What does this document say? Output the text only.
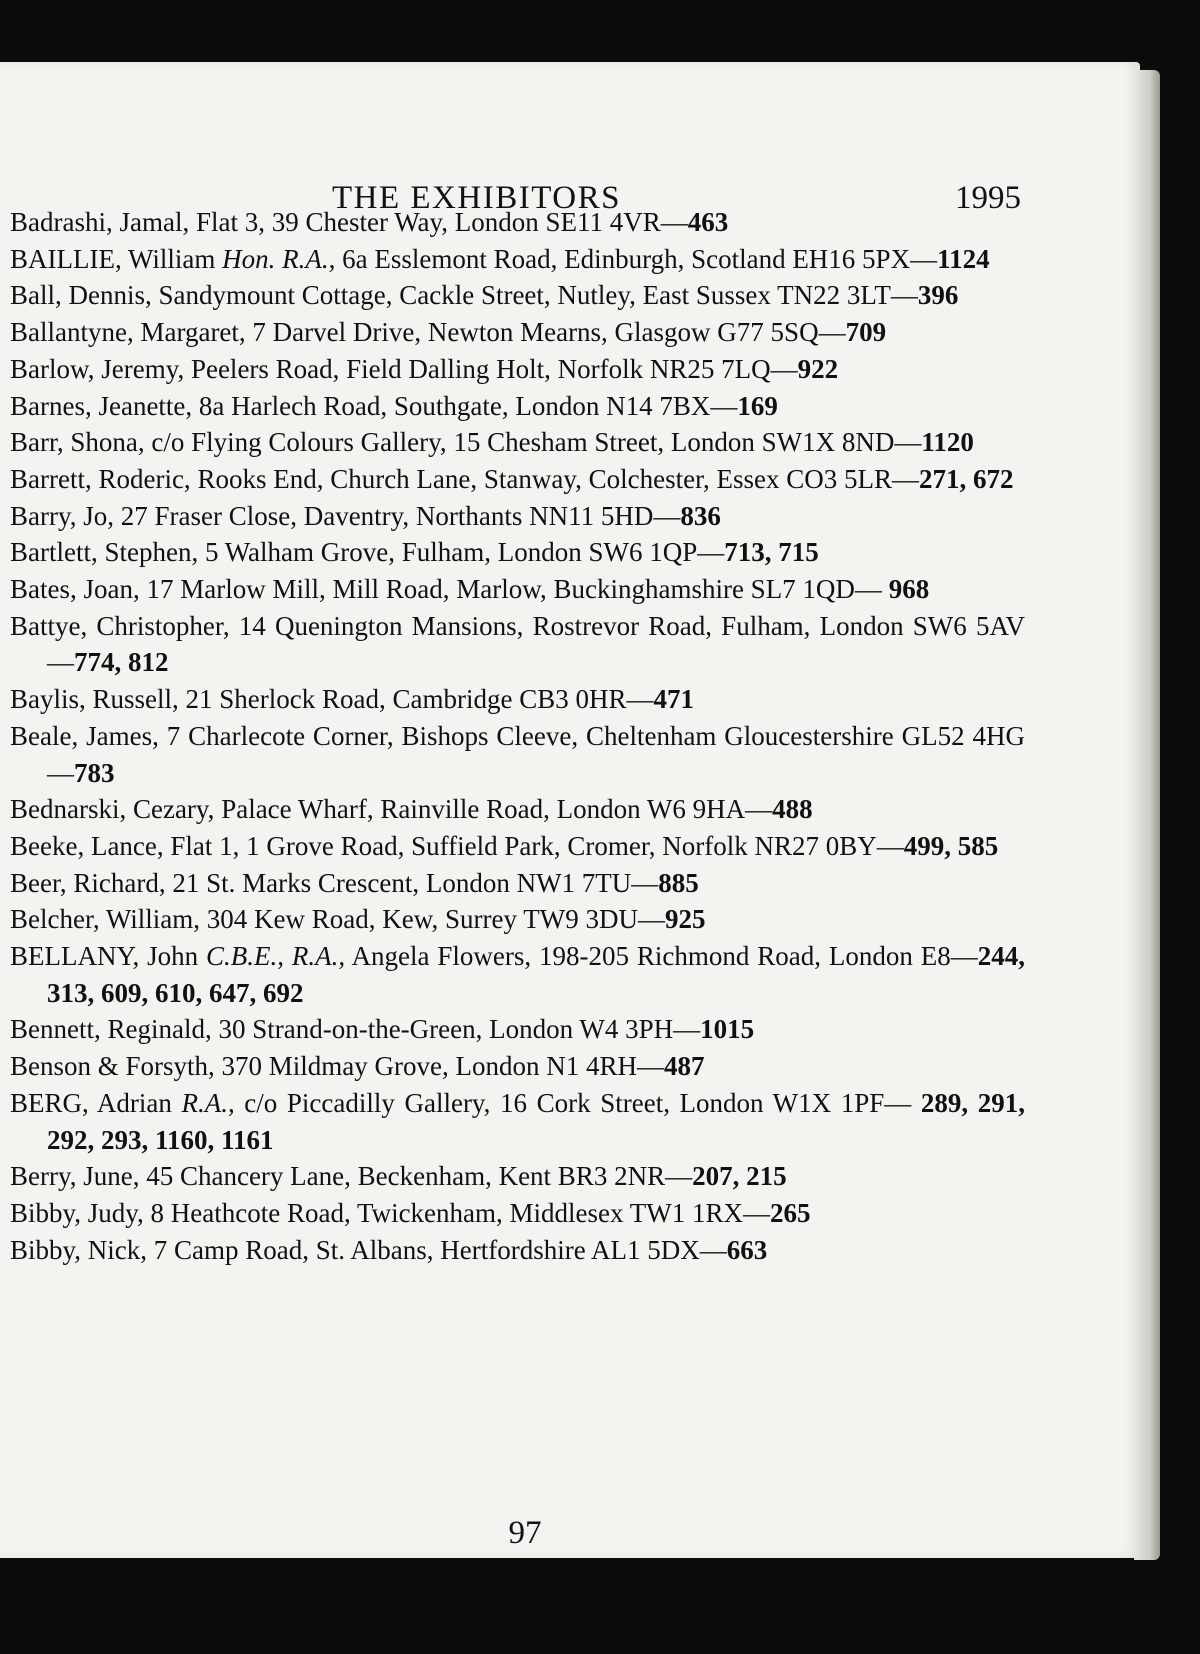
THE EXHIBITORS	1995
Badrashi, Jamal, Flat 3, 39 Chester Way, London SE11 4VR—463
BAILLIE, William Hon. R.A., 6a Esslemont Road, Edinburgh, Scotland EH16 5PX—1124
Ball, Dennis, Sandymount Cottage, Cackle Street, Nutley, East Sussex TN22 3LT—396
Ballantyne, Margaret, 7 Darvel Drive, Newton Mearns, Glasgow G77 5SQ—709
Barlow, Jeremy, Peelers Road, Field Dalling Holt, Norfolk NR25 7LQ—922
Barnes, Jeanette, 8a Harlech Road, Southgate, London N14 7BX—169
Barr, Shona, c/o Flying Colours Gallery, 15 Chesham Street, London SW1X 8ND—1120
Barrett, Roderic, Rooks End, Church Lane, Stanway, Colchester, Essex CO3 5LR—271, 672
Barry, Jo, 27 Fraser Close, Daventry, Northants NN11 5HD—836
Bartlett, Stephen, 5 Walham Grove, Fulham, London SW6 1QP—713, 715
Bates, Joan, 17 Marlow Mill, Mill Road, Marlow, Buckinghamshire SL7 1QD— 968
Battye, Christopher, 14 Quenington Mansions, Rostrevor Road, Fulham, London SW6 5AV—774, 812
Baylis, Russell, 21 Sherlock Road, Cambridge CB3 0HR—471
Beale, James, 7 Charlecote Corner, Bishops Cleeve, Cheltenham Gloucestershire GL52 4HG—783
Bednarski, Cezary, Palace Wharf, Rainville Road, London W6 9HA—488
Beeke, Lance, Flat 1, 1 Grove Road, Suffield Park, Cromer, Norfolk NR27 0BY—499, 585
Beer, Richard, 21 St. Marks Crescent, London NW1 7TU—885
Belcher, William, 304 Kew Road, Kew, Surrey TW9 3DU—925
BELLANY, John C.B.E., R.A., Angela Flowers, 198-205 Richmond Road, London E8—244, 313, 609, 610, 647, 692
Bennett, Reginald, 30 Strand-on-the-Green, London W4 3PH—1015
Benson & Forsyth, 370 Mildmay Grove, London N1 4RH—487
BERG, Adrian R.A., c/o Piccadilly Gallery, 16 Cork Street, London W1X 1PF— 289, 291, 292, 293, 1160, 1161
Berry, June, 45 Chancery Lane, Beckenham, Kent BR3 2NR—207, 215
Bibby, Judy, 8 Heathcote Road, Twickenham, Middlesex TW1 1RX—265
Bibby, Nick, 7 Camp Road, St. Albans, Hertfordshire AL1 5DX—663
97
